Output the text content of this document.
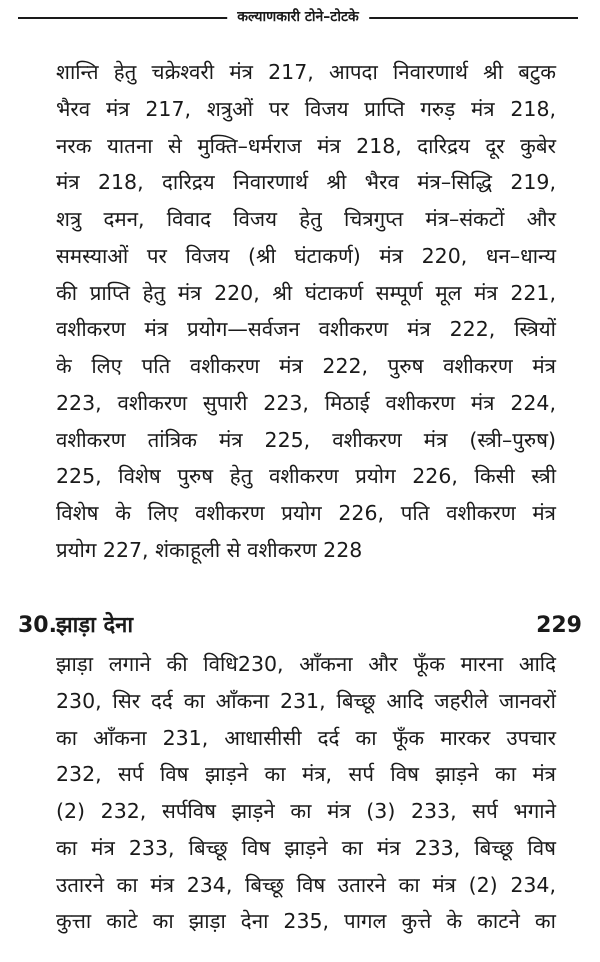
कल्याणकारी टोने–टोटके
शान्ति हेतु चक्रेश्वरी मंत्र 217, आपदा निवारणार्थ श्री बटुक
भैरव मंत्र 217, शत्रुओं पर विजय प्राप्ति गरुड़ मंत्र 218,
नरक यातना से मुक्ति–धर्मराज मंत्र 218, दारिद्रय दूर कुबेर
मंत्र 218, दारिद्रय निवारणार्थ श्री भैरव मंत्र–सिद्धि 219,
शत्रु दमन, विवाद विजय हेतु चित्रगुप्त मंत्र–संकटों और
समस्याओं पर विजय (श्री घंटाकर्ण) मंत्र 220, धन–धान्य
की प्राप्ति हेतु मंत्र 220, श्री घंटाकर्ण सम्पूर्ण मूल मंत्र 221,
वशीकरण मंत्र प्रयोग—सर्वजन वशीकरण मंत्र 222, स्त्रियों
के लिए पति वशीकरण मंत्र 222, पुरुष वशीकरण मंत्र
223, वशीकरण सुपारी 223, मिठाई वशीकरण मंत्र 224,
वशीकरण तांत्रिक मंत्र 225, वशीकरण मंत्र (स्त्री–पुरुष)
225, विशेष पुरुष हेतु वशीकरण प्रयोग 226, किसी स्त्री
विशेष के लिए वशीकरण प्रयोग 226, पति वशीकरण मंत्र
प्रयोग 227, शंकाहूली से वशीकरण 228
30. झाड़ा देना	229
झाड़ा लगाने की विधि230, आँकना और फूँक मारना आदि
230, सिर दर्द का आँकना 231, बिच्छू आदि जहरीले जानवरों
का आँकना 231, आधासीसी दर्द का फूँक मारकर उपचार
232, सर्प विष झाड़ने का मंत्र, सर्प विष झाड़ने का मंत्र
(2) 232, सर्पविष झाड़ने का मंत्र (3) 233, सर्प भगाने
का मंत्र 233, बिच्छू विष झाड़ने का मंत्र 233, बिच्छू विष
उतारने का मंत्र 234, बिच्छू विष उतारने का मंत्र (2) 234,
कुत्ता काटे का झाड़ा देना 235, पागल कुत्ते के काटने का
